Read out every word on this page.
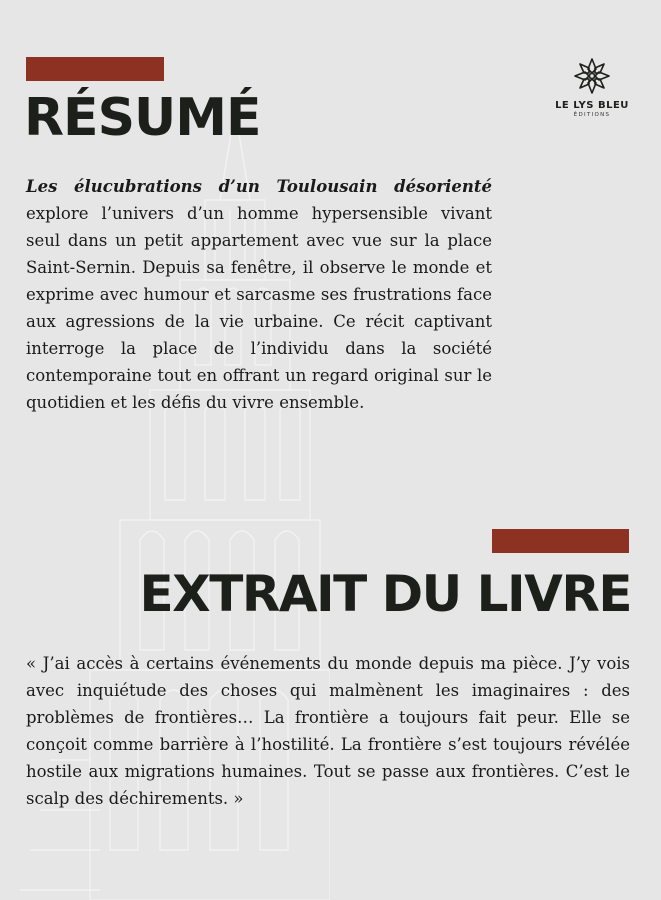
RÉSUMÉ	LE LYS BLEU
ÉDITIONS

Les élucubrations d’un Toulousain désorienté explore l’univers d’un homme hypersensible vivant seul dans un petit appartement avec vue sur la place Saint-Sernin. Depuis sa fenêtre, il observe le monde et exprime avec humour et sarcasme ses frustrations face aux agressions de la vie urbaine. Ce récit captivant interroge la place de l’individu dans la société contemporaine tout en offrant un regard original sur le quotidien et les défis du vivre ensemble.

EXTRAIT DU LIVRE

« J’ai accès à certains événements du monde depuis ma pièce. J’y vois avec inquiétude des choses qui malmènent les imaginaires : des problèmes de frontières… La frontière a toujours fait peur. Elle se conçoit comme barrière à l’hostilité. La frontière s’est toujours révélée hostile aux migrations humaines. Tout se passe aux frontières. C’est le scalp des déchirements. »
